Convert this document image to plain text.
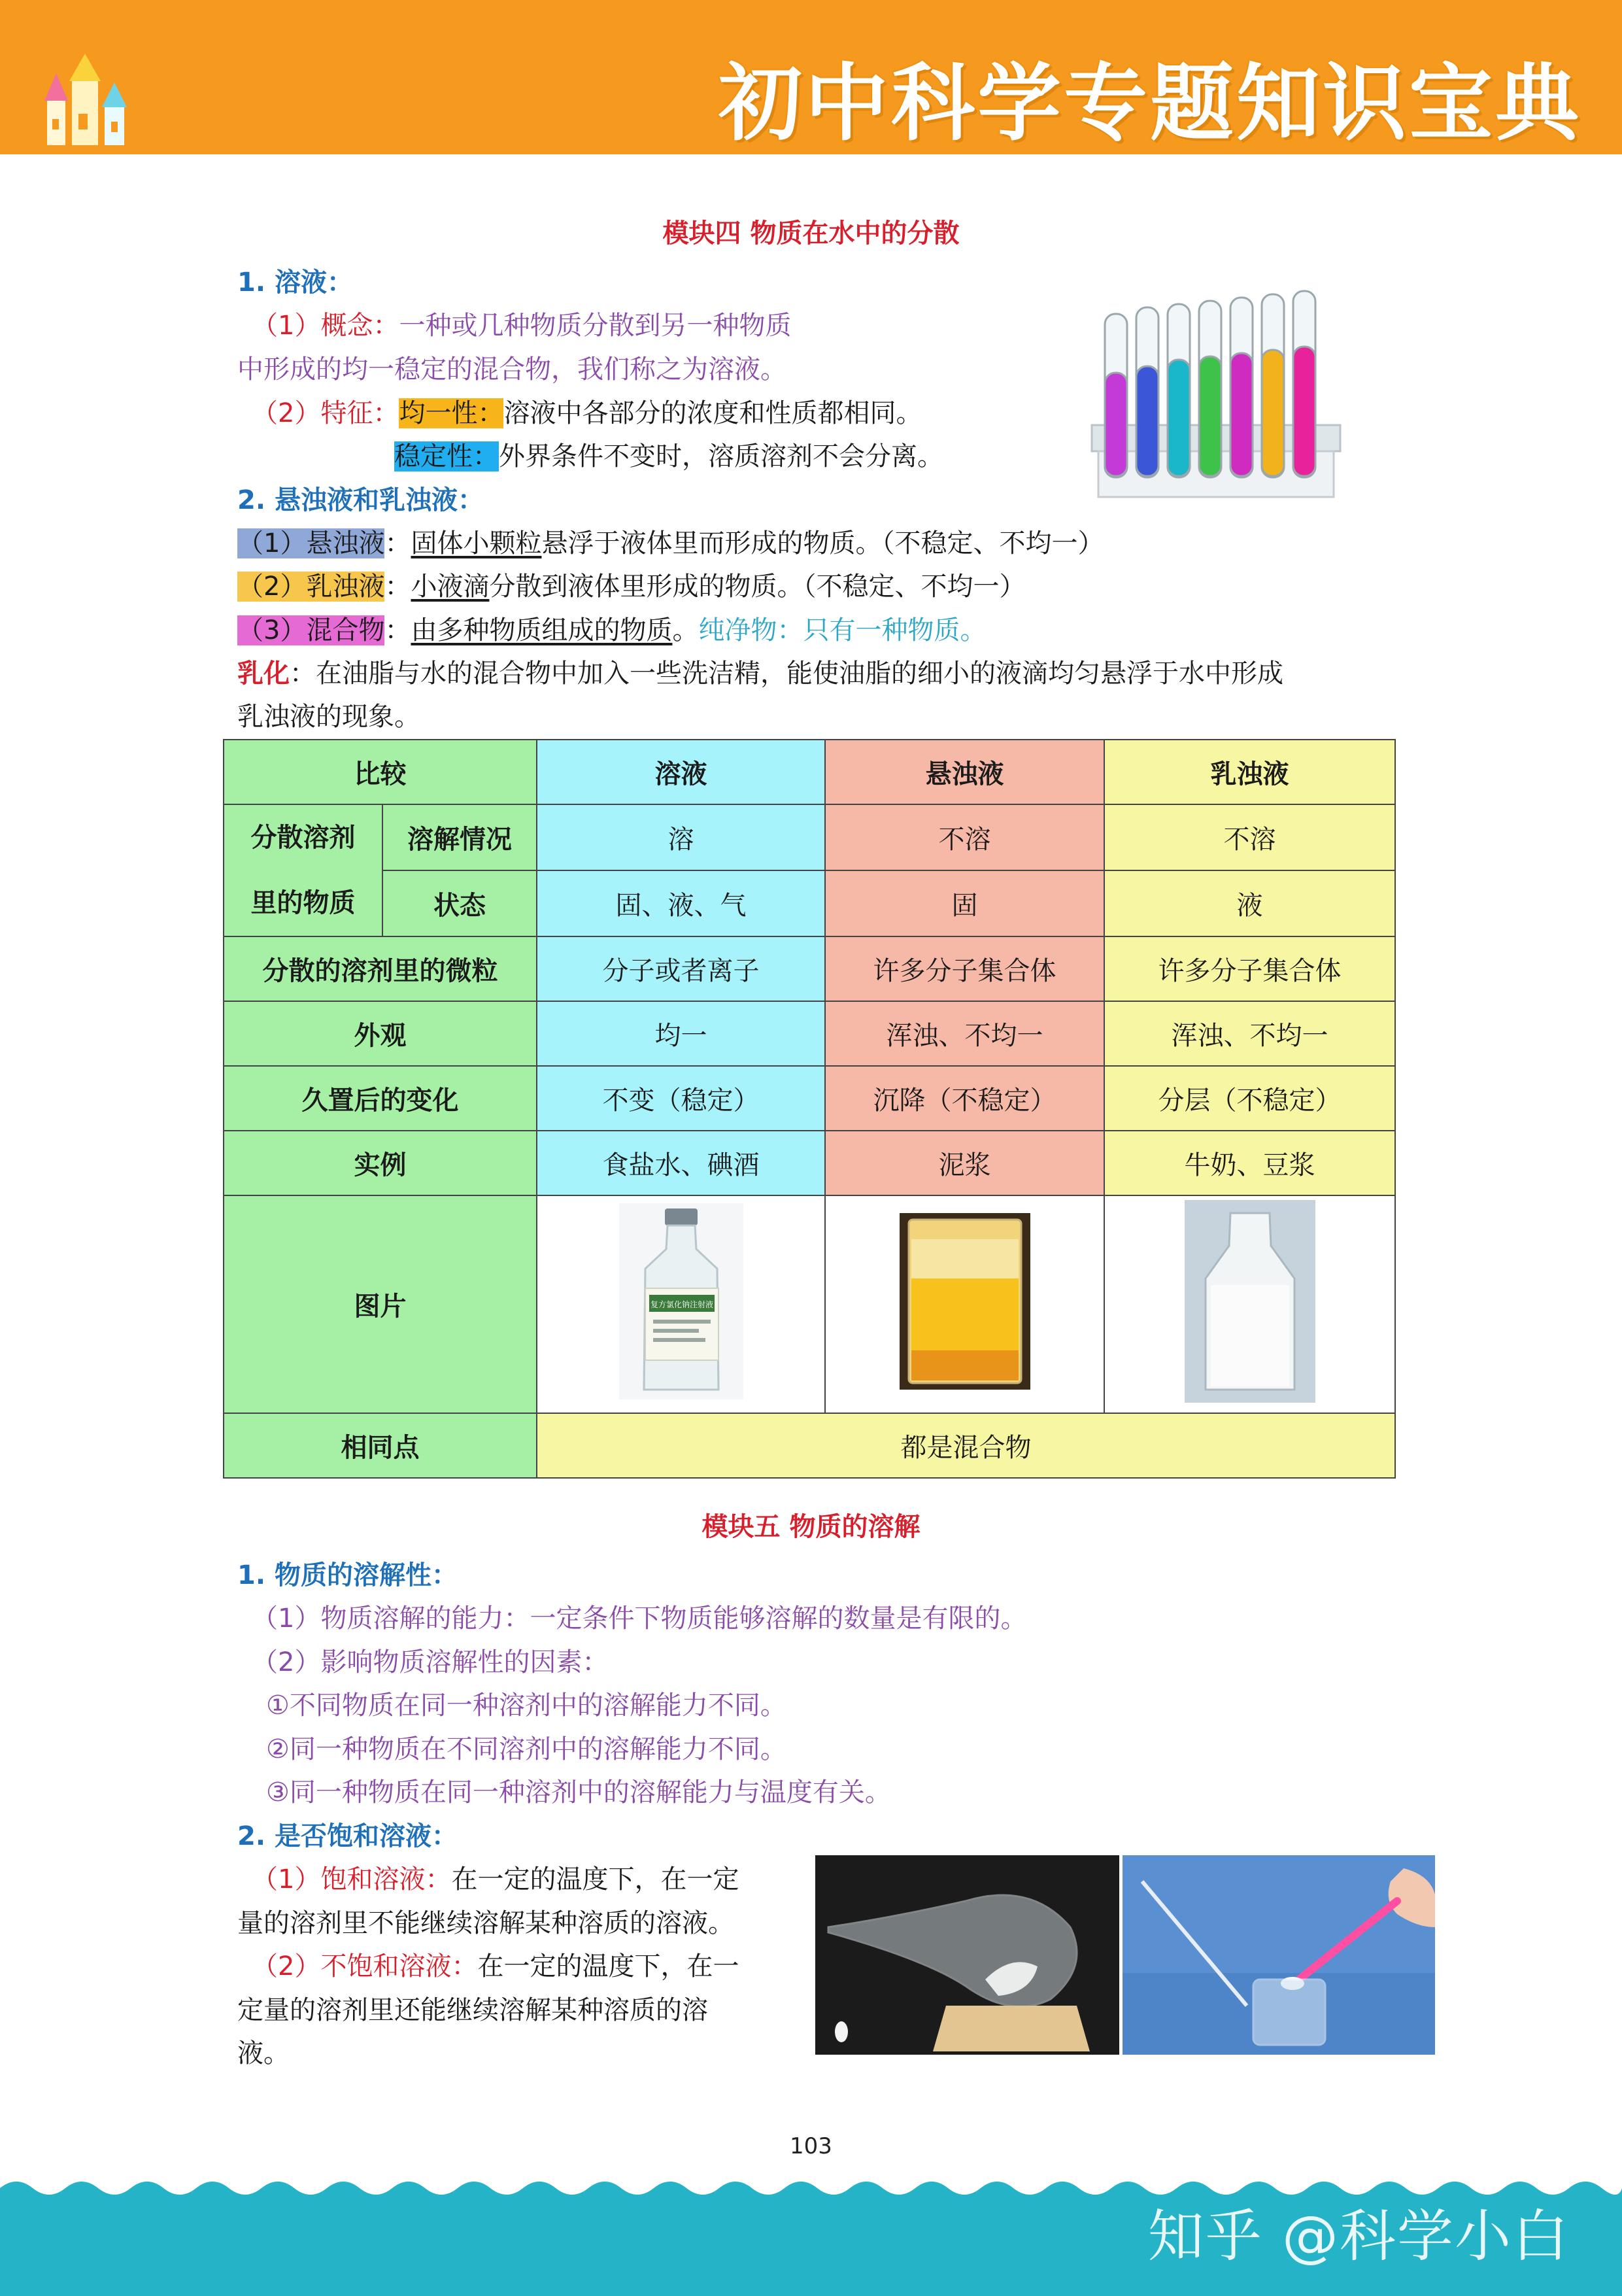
初中科学专题知识宝典
模块四 物质在水中的分散
1. 溶液：
（1）概念：一种或几种物质分散到另一种物质
中形成的均一稳定的混合物，我们称之为溶液。
（2）特征：均一性：溶液中各部分的浓度和性质都相同。
稳定性：外界条件不变时，溶质溶剂不会分离。
2. 悬浊液和乳浊液：
（1）悬浊液：固体小颗粒悬浮于液体里而形成的物质。（不稳定、不均一）
（2）乳浊液：小液滴分散到液体里形成的物质。（不稳定、不均一）
（3）混合物：由多种物质组成的物质。纯净物：只有一种物质。
乳化：在油脂与水的混合物中加入一些洗洁精，能使油脂的细小的液滴均匀悬浮于水中形成
乳浊液的现象。
比较		溶液	悬浊液	乳浊液

分散溶剂
里的物质	溶解情况	溶	不溶	不溶
	状态	固、液、气	固	液
分散的溶剂里的微粒		分子或者离子	许多分子集合体	许多分子集合体
外观		均一	浑浊、不均一	浑浊、不均一
久置后的变化		不变（稳定）	沉降（不稳定）	分层（不稳定）
实例		食盐水、碘酒	泥浆	牛奶、豆浆
图片		复方氯化钠注射液

相同点		都是混合物		
模块五 物质的溶解
1. 物质的溶解性：
（1）物质溶解的能力：一定条件下物质能够溶解的数量是有限的。
（2）影响物质溶解性的因素：
①不同物质在同一种溶剂中的溶解能力不同。
②同一种物质在不同溶剂中的溶解能力不同。
③同一种物质在同一种溶剂中的溶解能力与温度有关。
2. 是否饱和溶液：
（1）饱和溶液：在一定的温度下，在一定
量的溶剂里不能继续溶解某种溶质的溶液。
（2）不饱和溶液：在一定的温度下，在一
定量的溶剂里还能继续溶解某种溶质的溶
液。
103
知乎 @科学小白
